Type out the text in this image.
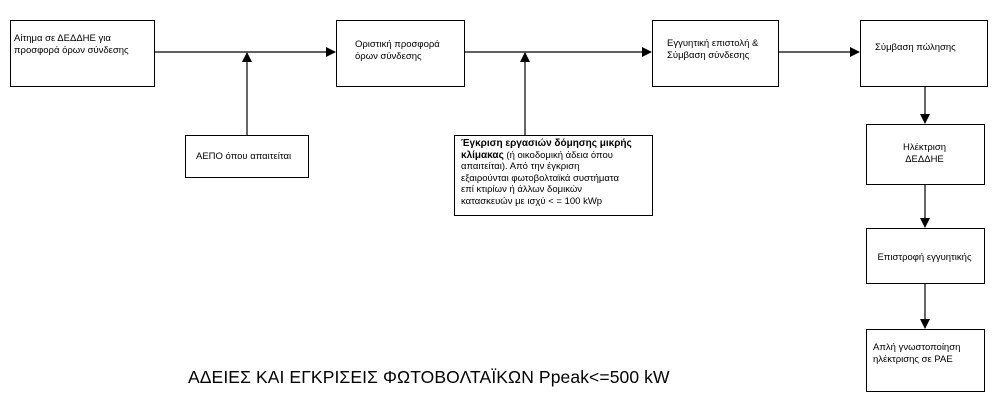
Αίτημα σε ΔΕΔΔΗΕ για
προσφορά όρων σύνδεσης	Οριστική προσφορά
όρων σύνδεσης
Εγγυητική επιστολή &
Σύμβαση σύνδεσης
Σύμβαση πώλησης
ΑΕΠΟ όπου απαιτείται
Έγκριση εργασιών δόμησης μικρής
κλίμακας (ή οικοδομική άδεια όπου
απαιτείται). Από την έγκριση
εξαιρούνται φωτοβολταϊκά συστήματα
επί κτιρίων ή άλλων δομικών
κατασκευών με ισχύ < = 100 kWp
Ηλέκτριση
ΔΕΔΔΗΕ
Επιστροφή εγγυητικής
Απλή γνωστοποίηση
ηλέκτρισης σε ΡΑΕ
ΑΔΕΙΕΣ ΚΑΙ ΕΓΚΡΙΣΕΙΣ ΦΩΤΟΒΟΛΤΑΪΚΩΝ Ppeak<=500 kW
